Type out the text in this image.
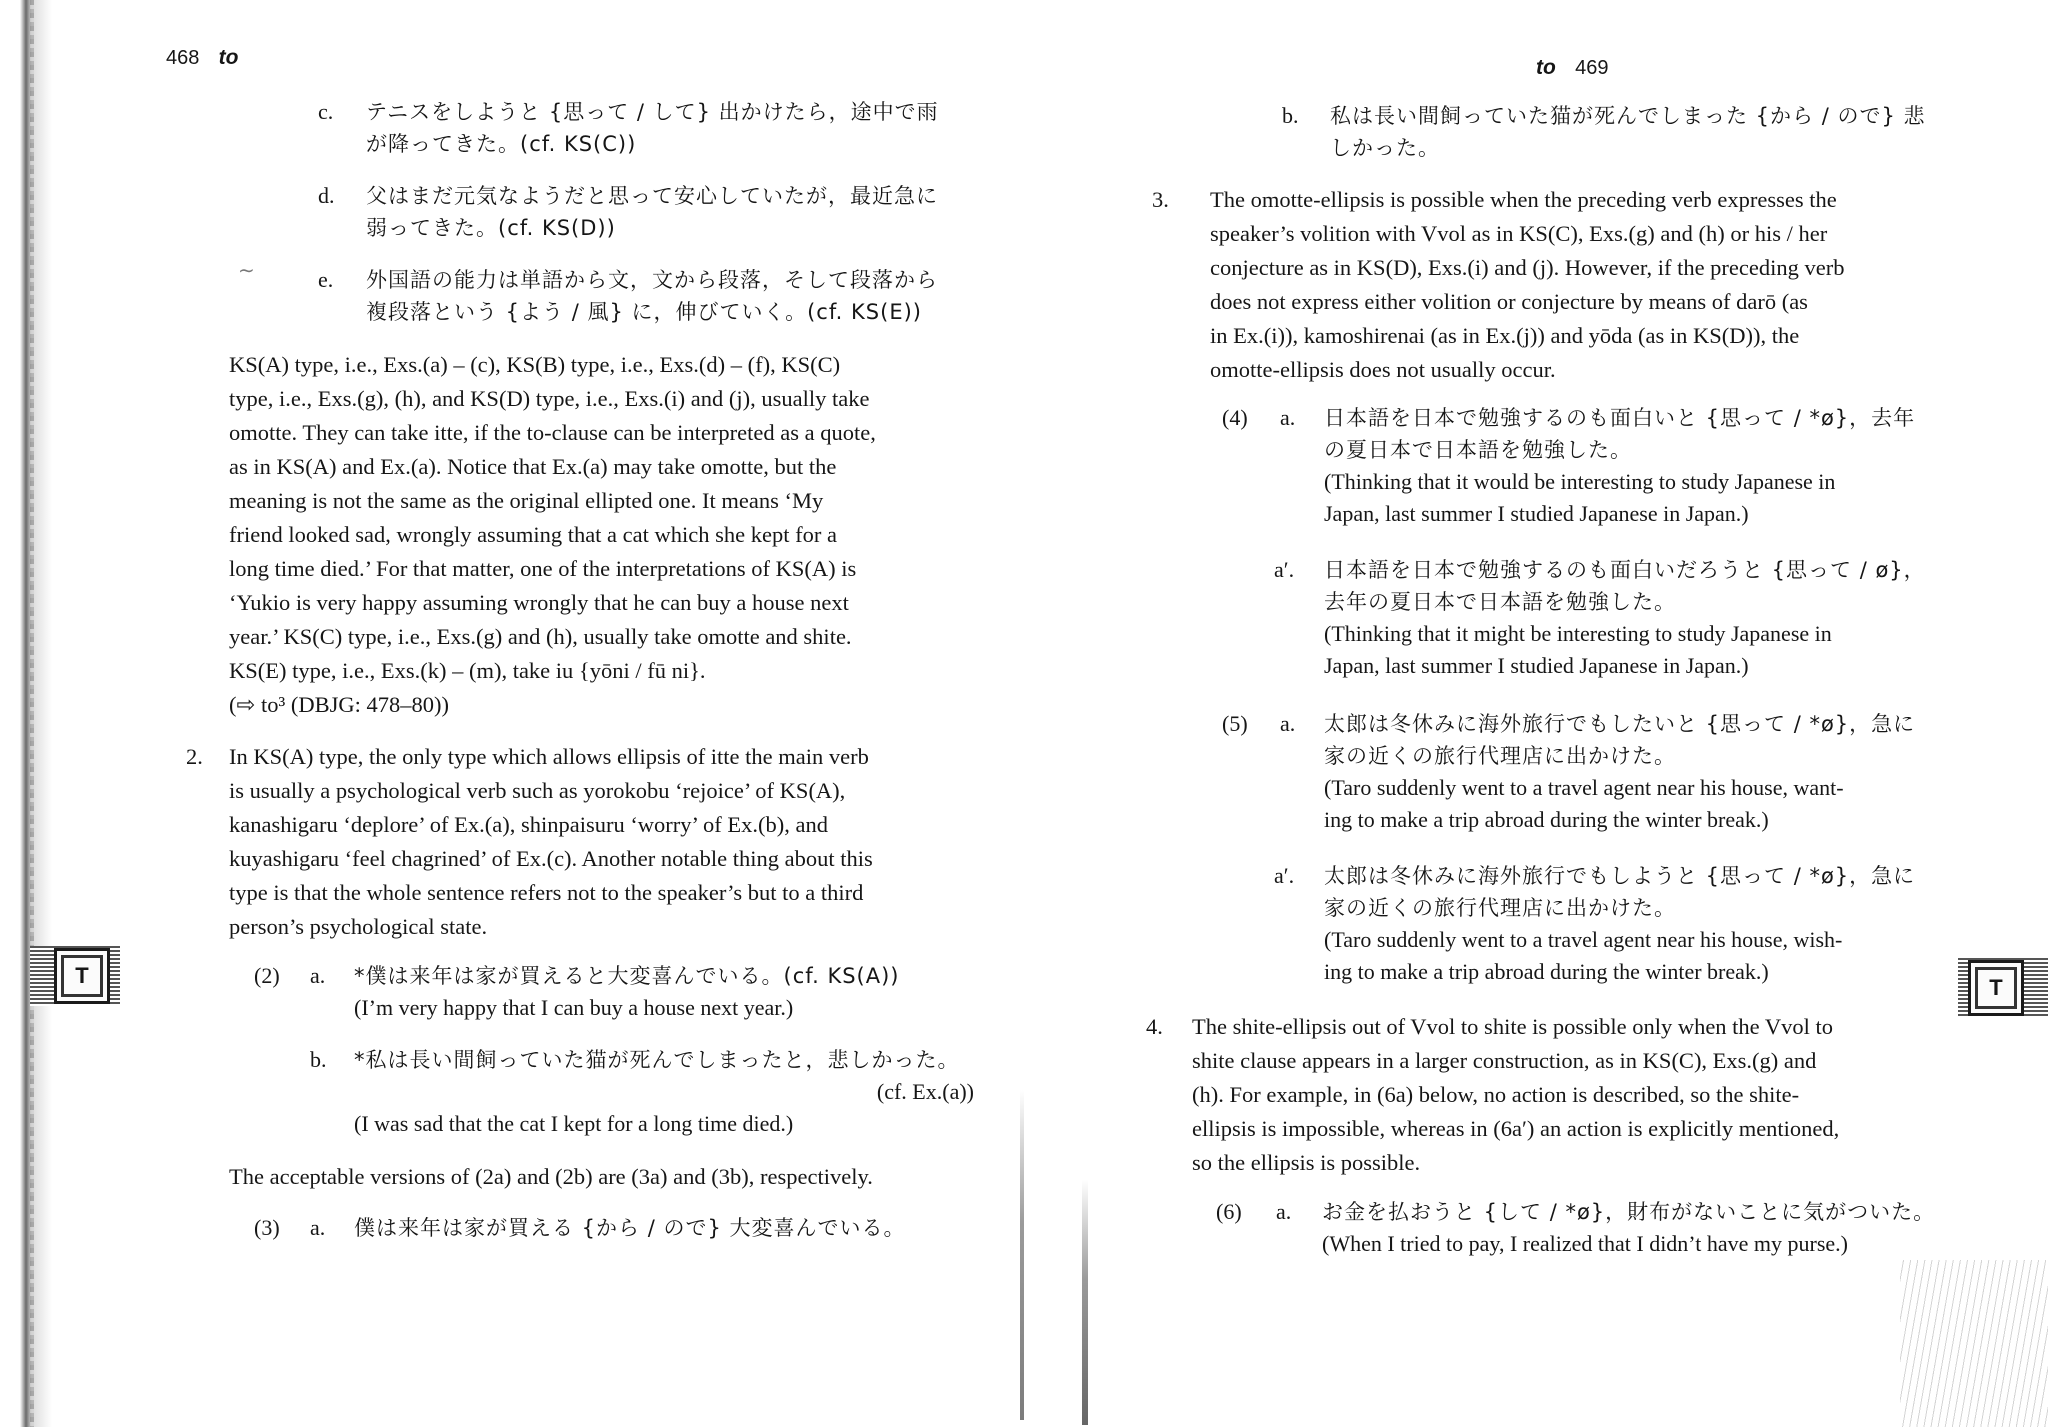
468 to
c. テニスをしようと {思って / して} 出かけたら，途中で雨
が降ってきた。(cf. KS(C))
d. 父はまだ元気なようだと思って安心していたが，最近急に
弱ってきた。(cf. KS(D))
∼	e. 外国語の能力は単語から文，文から段落，そして段落から
複段落という {よう / 風} に，伸びていく。(cf. KS(E))

KS(A) type, i.e., Exs.(a) – (c), KS(B) type, i.e., Exs.(d) – (f), KS(C)

type, i.e., Exs.(g), (h), and KS(D) type, i.e., Exs.(i) and (j), usually take

omotte. They can take itte, if the to-clause can be interpreted as a quote,

as in KS(A) and Ex.(a). Notice that Ex.(a) may take omotte, but the

meaning is not the same as the original ellipted one. It means ‘My

friend looked sad, wrongly assuming that a cat which she kept for a

long time died.’ For that matter, one of the interpretations of KS(A) is

‘Yukio is very happy assuming wrongly that he can buy a house next

year.’ KS(C) type, i.e., Exs.(g) and (h), usually take omotte and shite.

KS(E) type, i.e., Exs.(k) – (m), take iu {yōni / fū ni}.

(⇨ to³ (DBJG: 478–80))

2. In KS(A) type, the only type which allows ellipsis of itte the main verb

is usually a psychological verb such as yorokobu ‘rejoice’ of KS(A),

kanashigaru ‘deplore’ of Ex.(a), shinpaisuru ‘worry’ of Ex.(b), and

kuyashigaru ‘feel chagrined’ of Ex.(c). Another notable thing about this

type is that the whole sentence refers not to the speaker’s but to a third

person’s psychological state.

T	(2) a. *僕は来年は家が買えると大変喜んでいる。(cf. KS(A))
(I’m very happy that I can buy a house next year.)
b. *私は長い間飼っていた猫が死んでしまったと，悲しかった。
(cf. Ex.(a))
(I was sad that the cat I kept for a long time died.)

The acceptable versions of (2a) and (2b) are (3a) and (3b), respectively.

(3) a. 僕は来年は家が買える {から / ので} 大変喜んでいる。
to 469
b. 私は長い間飼っていた猫が死んでしまった {から / ので} 悲
しかった。
3. The omotte-ellipsis is possible when the preceding verb expresses the

speaker’s volition with Vvol as in KS(C), Exs.(g) and (h) or his / her

conjecture as in KS(D), Exs.(i) and (j). However, if the preceding verb

does not express either volition or conjecture by means of darō (as

in Ex.(i)), kamoshirenai (as in Ex.(j)) and yōda (as in KS(D)), the

omotte-ellipsis does not usually occur.

(4) a. 日本語を日本で勉強するのも面白いと {思って / *ø}，去年
の夏日本で日本語を勉強した。
(Thinking that it would be interesting to study Japanese in
Japan, last summer I studied Japanese in Japan.)
a′. 日本語を日本で勉強するのも面白いだろうと {思って / ø}，
去年の夏日本で日本語を勉強した。
(Thinking that it might be interesting to study Japanese in
Japan, last summer I studied Japanese in Japan.)
(5) a. 太郎は冬休みに海外旅行でもしたいと {思って / *ø}，急に
家の近くの旅行代理店に出かけた。
(Taro suddenly went to a travel agent near his house, want-
ing to make a trip abroad during the winter break.)
a′. 太郎は冬休みに海外旅行でもしようと {思って / *ø}，急に
家の近くの旅行代理店に出かけた。
(Taro suddenly went to a travel agent near his house, wish-
ing to make a trip abroad during the winter break.)
T
4. The shite-ellipsis out of Vvol to shite is possible only when the Vvol to

shite clause appears in a larger construction, as in KS(C), Exs.(g) and

(h). For example, in (6a) below, no action is described, so the shite-

ellipsis is impossible, whereas in (6a′) an action is explicitly mentioned,

so the ellipsis is possible.

(6) a. お金を払おうと {して / *ø}，財布がないことに気がついた。
(When I tried to pay, I realized that I didn’t have my purse.)
